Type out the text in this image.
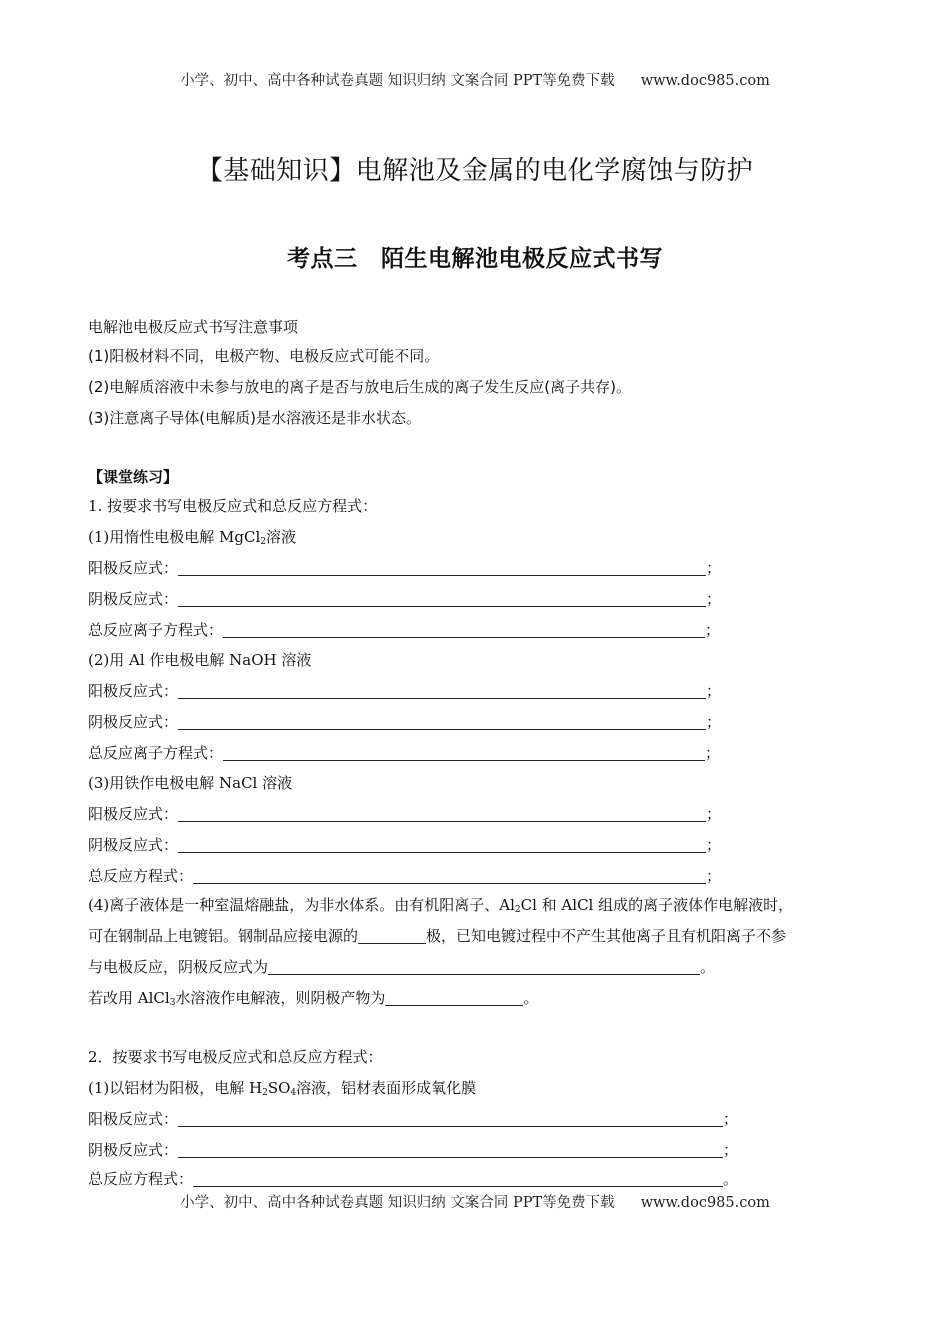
小学、初中、高中各种试卷真题 知识归纳 文案合同 PPT等免费下载 www.doc985.com
【基础知识】电解池及金属的电化学腐蚀与防护
考点三　陌生电解池电极反应式书写
电解池电极反应式书写注意事项
(1)阳极材料不同，电极产物、电极反应式可能不同。
(2)电解质溶液中未参与放电的离子是否与放电后生成的离子发生反应(离子共存)。
(3)注意离子导体(电解质)是水溶液还是非水状态。
【课堂练习】
1. 按要求书写电极反应式和总反应方程式：
(1)用惰性电极电解 MgCl$_2$溶液
阳极反应式：	；
阴极反应式：	；
总反应离子方程式：	；
(2)用 Al 作电极电解 NaOH 溶液
阳极反应式：	；
阴极反应式：	；
总反应离子方程式：	；
(3)用铁作电极电解 NaCl 溶液
阳极反应式：	；
阴极反应式：	；
总反应方程式：	；
(4)离子液体是一种室温熔融盐，为非水体系。由有机阳离子、$Al_2Cl$ 和 AlCl 组成的离子液体作电解液时，
可在钢制品上电镀铝。钢制品应接电源的	极，已知电镀过程中不产生其他离子且有机阳离子不参
与电极反应，阴极反应式为	。
若改用 AlCl$_3$水溶液作电解液，则阴极产物为	。
2．按要求书写电极反应式和总反应方程式：
(1)以铝材为阳极，电解 $H_2SO_4$溶液，铝材表面形成氧化膜
阳极反应式：	；
阴极反应式：	；
总反应方程式：	。
小学、初中、高中各种试卷真题 知识归纳 文案合同 PPT等免费下载 www.doc985.com
